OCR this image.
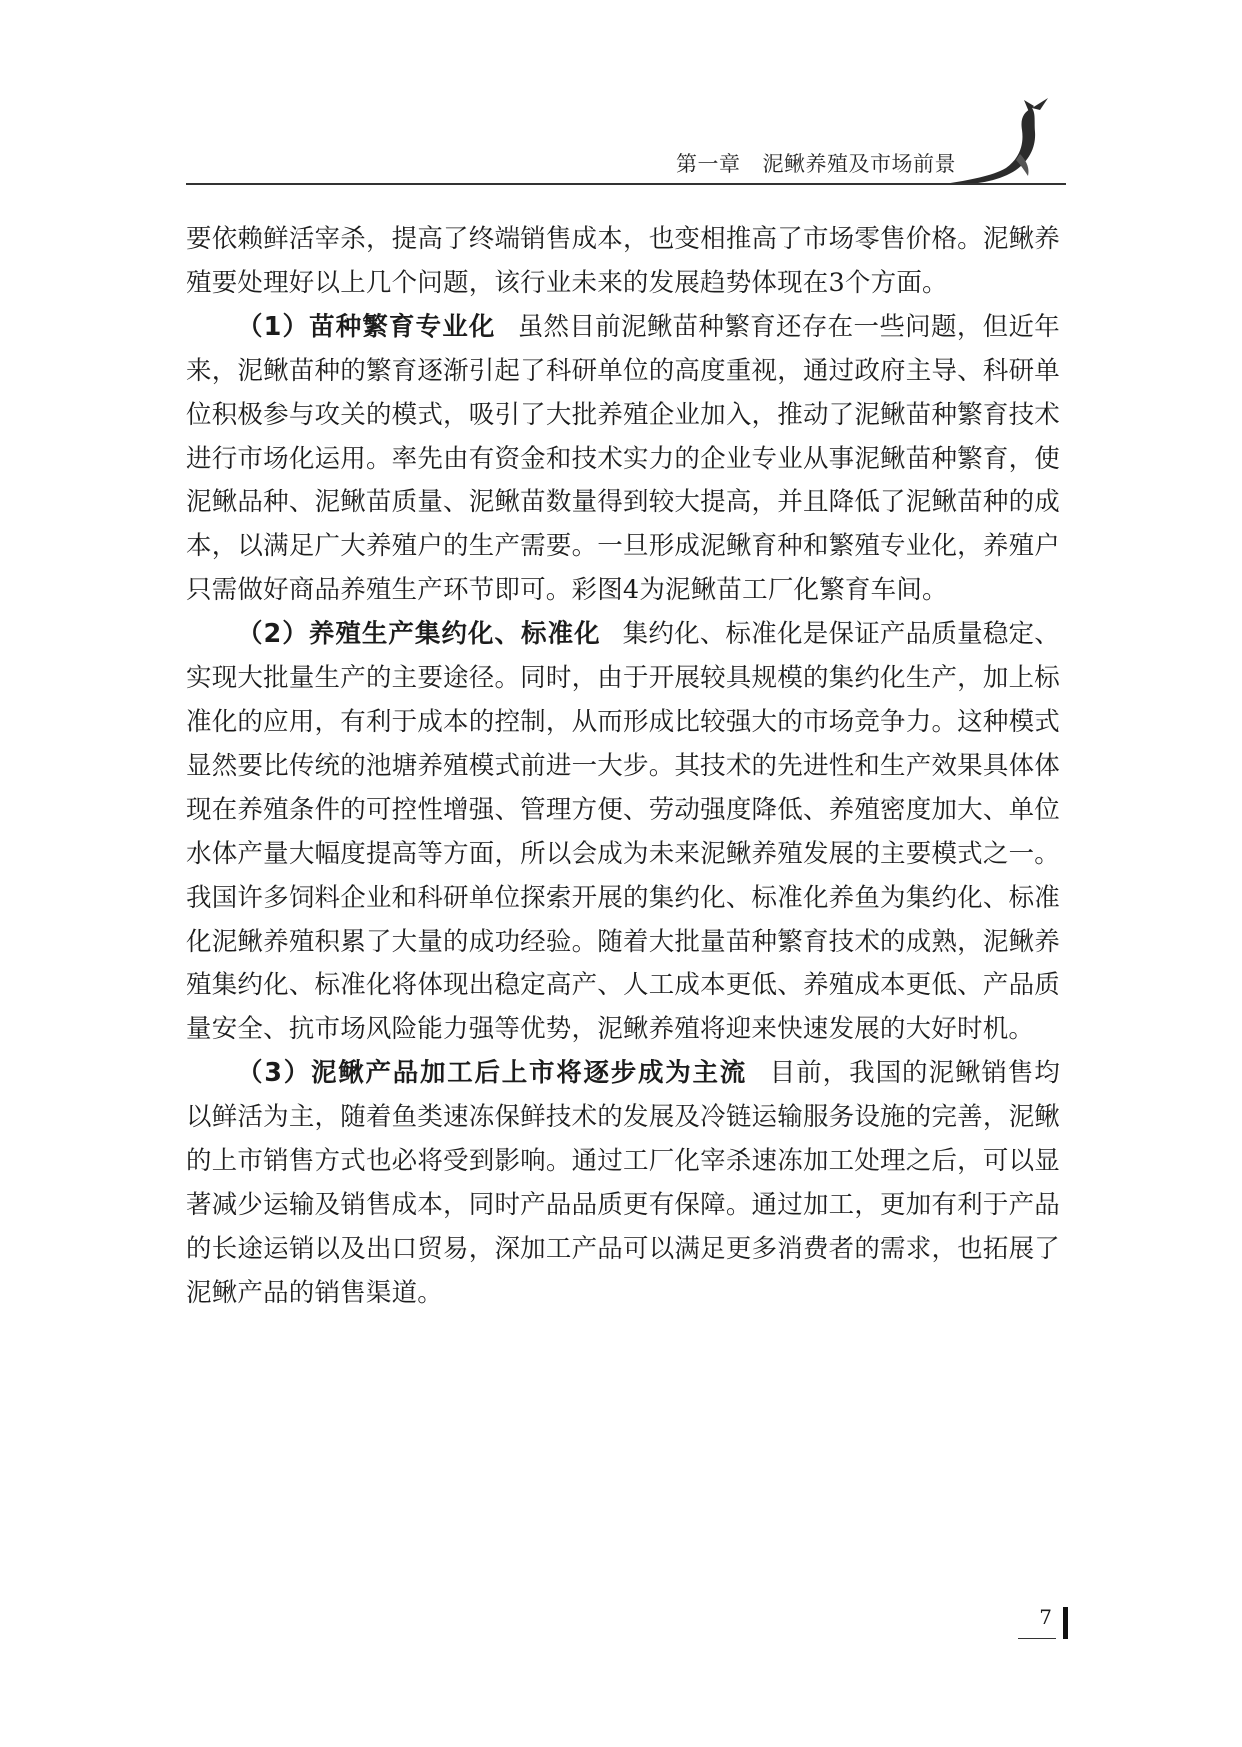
第一章 泥鳅养殖及市场前景

要依赖鲜活宰杀，提高了终端销售成本，也变相推高了市场零售价格。泥鳅养殖要处理好以上几个问题，该行业未来的发展趋势体现在3个方面。

（1）苗种繁育专业化 虽然目前泥鳅苗种繁育还存在一些问题，但近年来，泥鳅苗种的繁育逐渐引起了科研单位的高度重视，通过政府主导、科研单位积极参与攻关的模式，吸引了大批养殖企业加入，推动了泥鳅苗种繁育技术进行市场化运用。率先由有资金和技术实力的企业专业从事泥鳅苗种繁育，使泥鳅品种、泥鳅苗质量、泥鳅苗数量得到较大提高，并且降低了泥鳅苗种的成本，以满足广大养殖户的生产需要。一旦形成泥鳅育种和繁殖专业化，养殖户只需做好商品养殖生产环节即可。彩图4为泥鳅苗工厂化繁育车间。

（2）养殖生产集约化、标准化 集约化、标准化是保证产品质量稳定、实现大批量生产的主要途径。同时，由于开展较具规模的集约化生产，加上标准化的应用，有利于成本的控制，从而形成比较强大的市场竞争力。这种模式显然要比传统的池塘养殖模式前进一大步。其技术的先进性和生产效果具体体现在养殖条件的可控性增强、管理方便、劳动强度降低、养殖密度加大、单位水体产量大幅度提高等方面，所以会成为未来泥鳅养殖发展的主要模式之一。我国许多饲料企业和科研单位探索开展的集约化、标准化养鱼为集约化、标准化泥鳅养殖积累了大量的成功经验。随着大批量苗种繁育技术的成熟，泥鳅养殖集约化、标准化将体现出稳定高产、人工成本更低、养殖成本更低、产品质量安全、抗市场风险能力强等优势，泥鳅养殖将迎来快速发展的大好时机。

（3）泥鳅产品加工后上市将逐步成为主流 目前，我国的泥鳅销售均以鲜活为主，随着鱼类速冻保鲜技术的发展及冷链运输服务设施的完善，泥鳅的上市销售方式也必将受到影响。通过工厂化宰杀速冻加工处理之后，可以显著减少运输及销售成本，同时产品品质更有保障。通过加工，更加有利于产品的长途运销以及出口贸易，深加工产品可以满足更多消费者的需求，也拓展了泥鳅产品的销售渠道。

7
